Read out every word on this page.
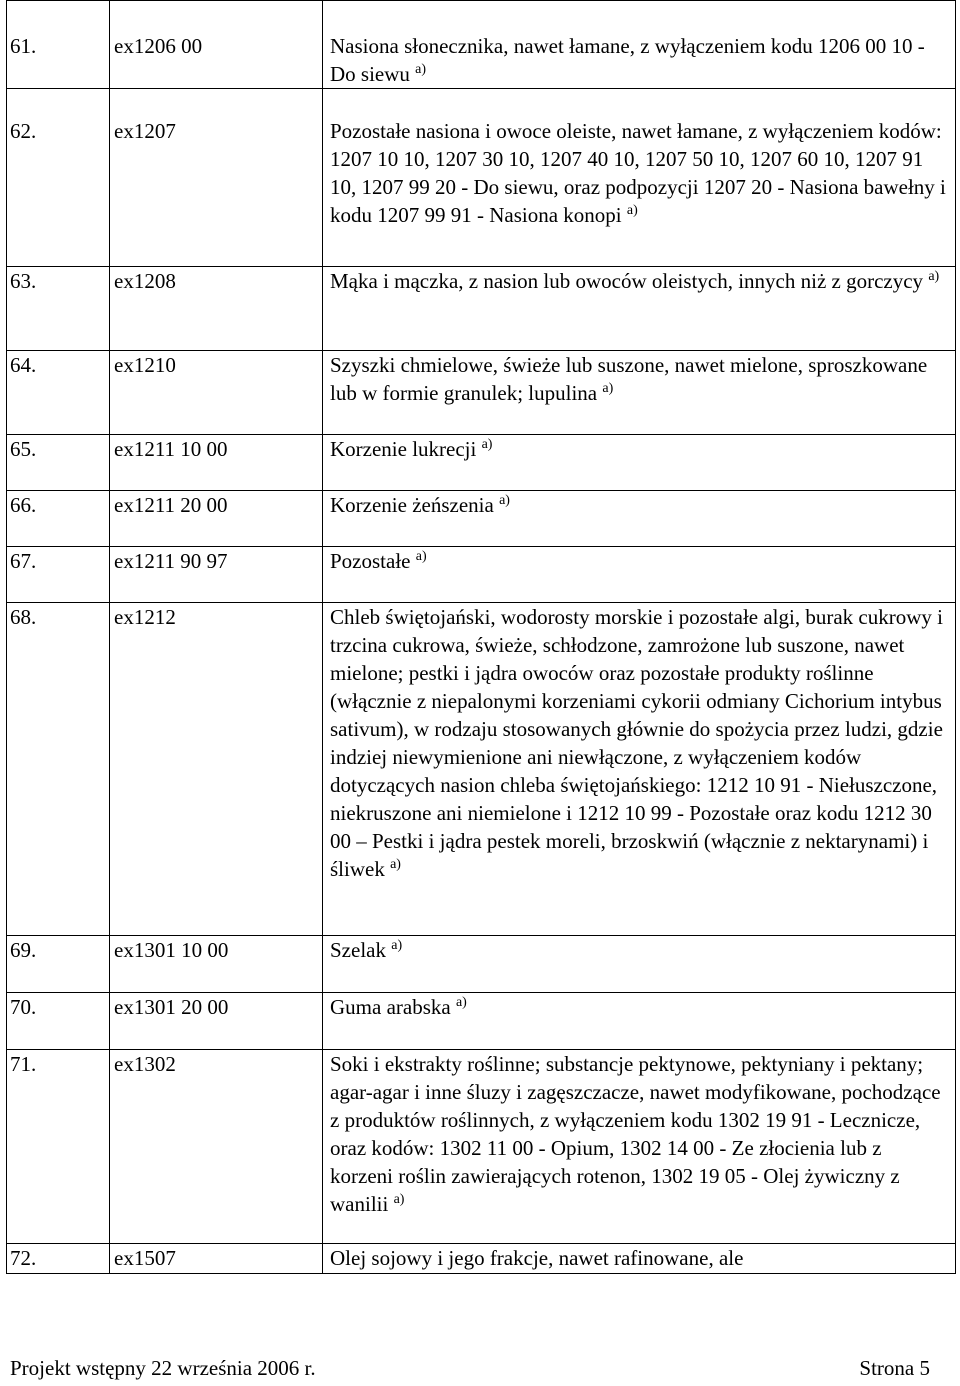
61.	ex1206 00	Nasiona słonecznika, nawet łamane, z wyłączeniem kodu 1206 00 10 - Do siewu $^{a)}$
62.	ex1207	Pozostałe nasiona i owoce oleiste, nawet łamane, z wyłączeniem kodów: 1207 10 10, 1207 30 10, 1207 40 10, 1207 50 10, 1207 60 10, 1207 91 10, 1207 99 20 - Do siewu, oraz podpozycji 1207 20 - Nasiona bawełny i kodu 1207 99 91 - Nasiona konopi $^{a)}$
63.	ex1208	Mąka i mączka, z nasion lub owoców oleistych, innych niż z gorczycy $^{a)}$
64.	ex1210	Szyszki chmielowe, świeże lub suszone, nawet mielone, sproszkowane lub w formie granulek; lupulina $^{a)}$
65.	ex1211 10 00	Korzenie lukrecji $^{a)}$
66.	ex1211 20 00	Korzenie żeńszenia $^{a)}$
67.	ex1211 90 97	Pozostałe $^{a)}$
68.	ex1212	Chleb świętojański, wodorosty morskie i pozostałe algi, burak cukrowy i trzcina cukrowa, świeże, schłodzone, zamrożone lub suszone, nawet mielone; pestki i jądra owoców oraz pozostałe produkty roślinne (włącznie z niepalonymi korzeniami cykorii odmiany Cichorium intybus sativum), w rodzaju stosowanych głównie do spożycia przez ludzi, gdzie indziej niewymienione ani niewłączone, z wyłączeniem kodów dotyczących nasion chleba świętojańskiego: 1212 10 91 - Niełuszczone, niekruszone ani niemielone i 1212 10 99 - Pozostałe oraz kodu 1212 30 00 – Pestki i jądra pestek moreli, brzoskwiń (włącznie z nektarynami) i śliwek $^{a)}$
69.	ex1301 10 00	Szelak $^{a)}$
70.	ex1301 20 00	Guma arabska $^{a)}$
71.	ex1302	Soki i ekstrakty roślinne; substancje pektynowe, pektyniany i pektany; agar-agar i inne śluzy i zagęszczacze, nawet modyfikowane, pochodzące z produktów roślinnych, z wyłączeniem kodu 1302 19 91 - Lecznicze, oraz kodów: 1302 11 00 - Opium, 1302 14 00 - Ze złocienia lub z korzeni roślin zawierających rotenon, 1302 19 05 - Olej żywiczny z wanilii $^{a)}$
72.	ex1507	Olej sojowy i jego frakcje, nawet rafinowane, ale
Projekt wstępny 22 września 2006 r.	Strona 5
